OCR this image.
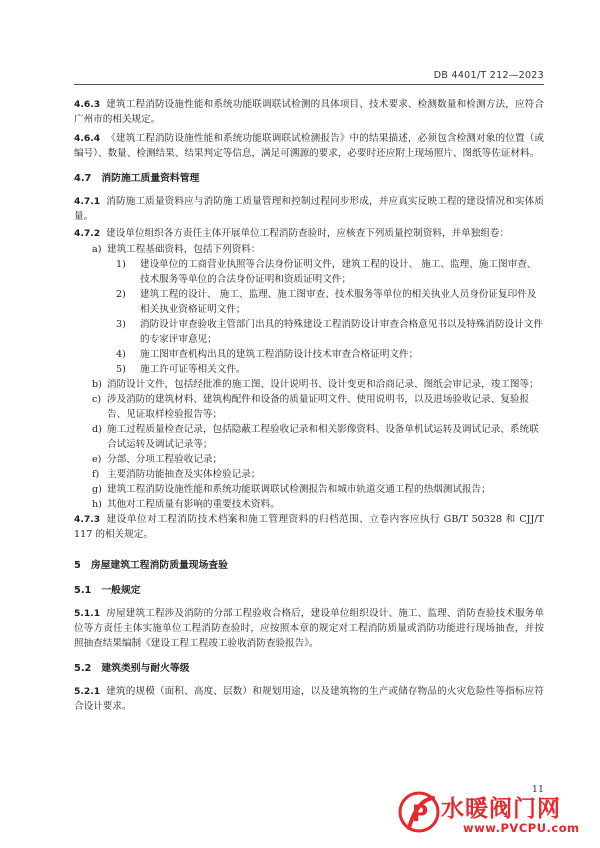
DB 4401/T 212—2023

4.6.3 建筑工程消防设施性能和系统功能联调联试检测的具体项目、技术要求、检测数量和检测方法，应符合广州市的相关规定。

4.6.4 《建筑工程消防设施性能和系统功能联调联试检测报告》中的结果描述，必须包含检测对象的位置（或编号）、数量、检测结果、结果判定等信息，满足可溯源的要求，必要时还应附上现场照片、图纸等佐证材料。

4.7 消防施工质量资料管理

4.7.1 消防施工质量资料应与消防施工质量管理和控制过程同步形成，并应真实反映工程的建设情况和实体质量。

4.7.2 建设单位组织各方责任主体开展单位工程消防查验时，应核查下列质量控制资料，并单独组卷：

a) 建筑工程基础资料，包括下列资料：
1) 建设单位的工商营业执照等合法身份证明文件，建筑工程的设计、 施工、监理、施工图审查、技术服务等单位的合法身份证明和资质证明文件；
2) 建筑工程的设计、 施工、监理、施工图审查、技术服务等单位的相关执业人员身份证复印件及相关执业资格证明文件；
3) 消防设计审查验收主管部门出具的特殊建设工程消防设计审查合格意见书以及特殊消防设计文件的专家评审意见；
4) 施工图审查机构出具的建筑工程消防设计技术审查合格证明文件；
5) 施工许可证等相关文件。
b) 消防设计文件，包括经批准的施工图、设计说明书、设计变更和洽商记录、图纸会审记录，竣工图等；
c) 涉及消防的建筑材料、建筑构配件和设备的质量证明文件、使用说明书，以及进场验收记录、复验报告、见证取样检验报告等；
d) 施工过程质量检查记录，包括隐蔽工程验收记录和相关影像资料、设备单机试运转及调试记录、系统联合试运转及调试记录等；
e) 分部、分项工程验收记录；
f) 主要消防功能抽查及实体检验记录；
g) 建筑工程消防设施性能和系统功能联调联试检测报告和城市轨道交通工程的热烟测试报告；
h) 其他对工程质量有影响的重要技术资料。

4.7.3 建设单位对工程消防技术档案和施工管理资料的归档范围、立卷内容应执行 GB/T 50328 和 CJJ/T 117 的相关规定。

5 房屋建筑工程消防质量现场查验
5.1 一般规定

5.1.1 房屋建筑工程涉及消防的分部工程验收合格后，建设单位组织设计、施工、监理、消防查验技术服务单位等方责任主体实施单位工程消防查验时，应按照本章的规定对工程消防质量或消防功能进行现场抽查，并按照抽查结果编制《建设工程工程竣工验收消防查验报告》。

5.2 建筑类别与耐火等级

5.2.1 建筑的规模（面积、高度、层数）和规划用途，以及建筑物的生产或储存物品的火灾危险性等指标应符合设计要求。

11
P 水暖阀门网
www.PVCPU.com
